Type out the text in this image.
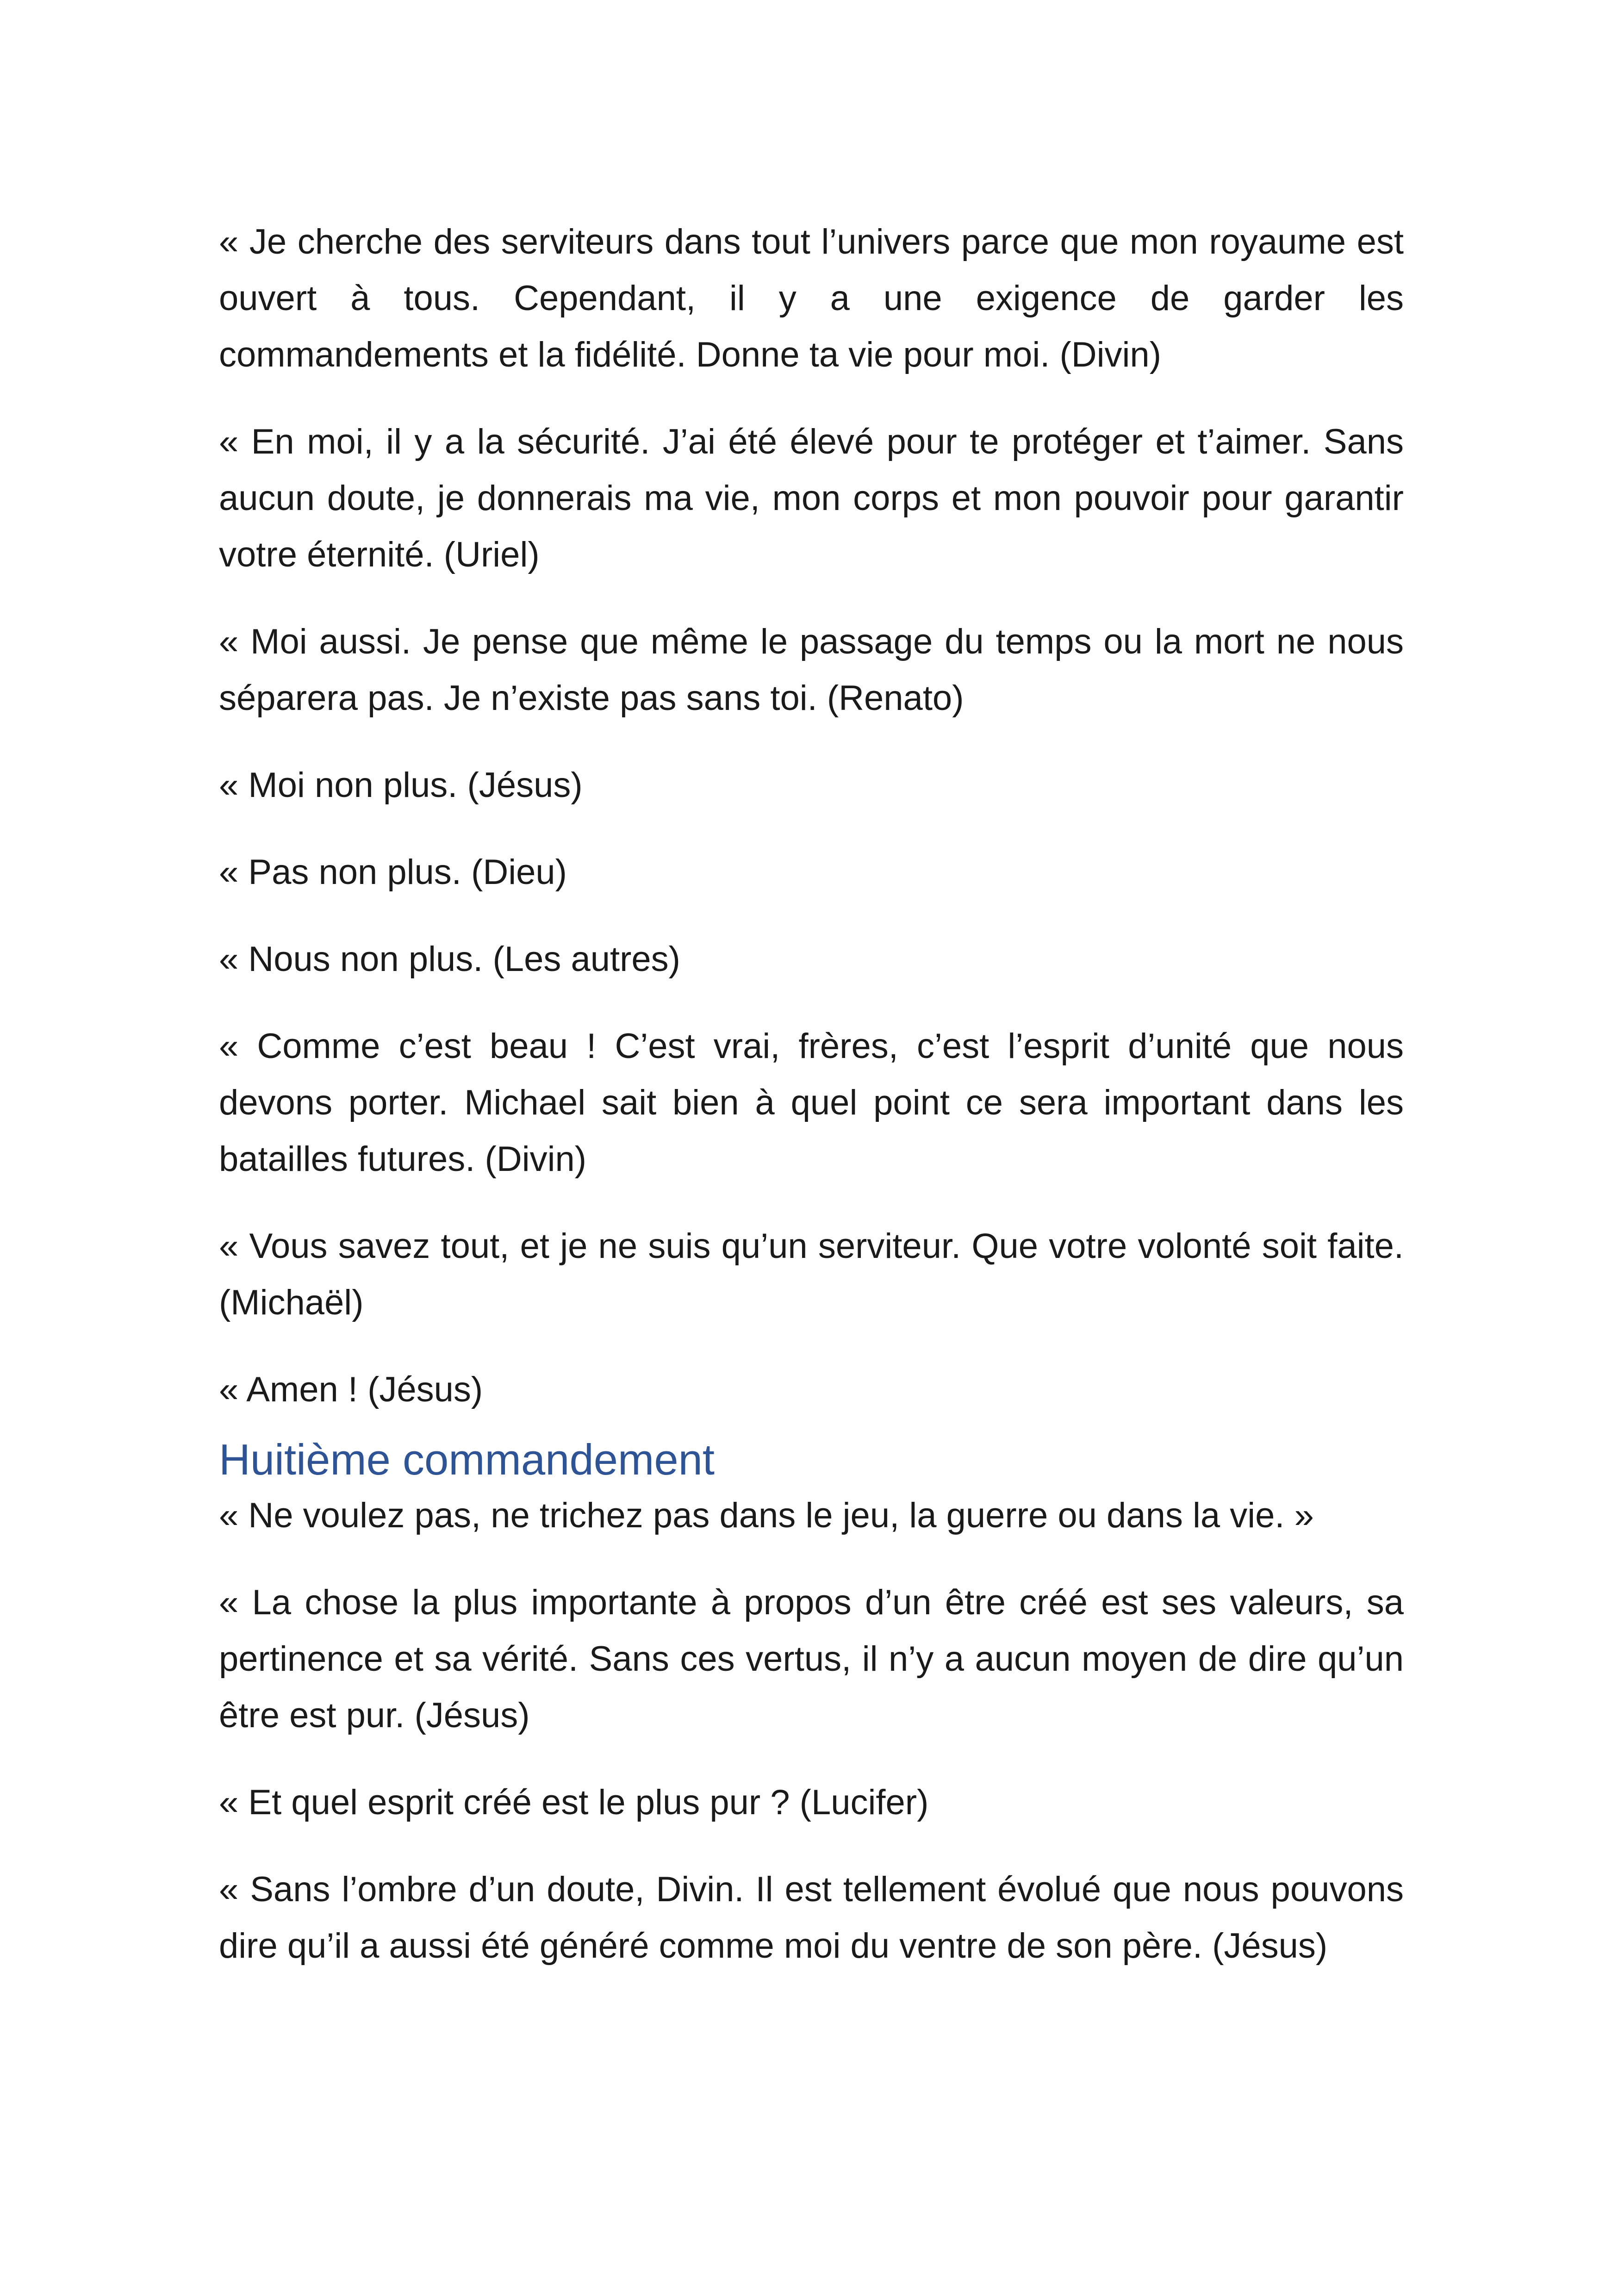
« Je cherche des serviteurs dans tout l’univers parce que mon royaume est ouvert à tous. Cependant, il y a une exigence de garder les commandements et la fidélité. Donne ta vie pour moi. (Divin)

« En moi, il y a la sécurité. J’ai été élevé pour te protéger et t’aimer. Sans aucun doute, je donnerais ma vie, mon corps et mon pouvoir pour garantir votre éternité. (Uriel)

« Moi aussi. Je pense que même le passage du temps ou la mort ne nous séparera pas. Je n’existe pas sans toi. (Renato)

« Moi non plus. (Jésus)

« Pas non plus. (Dieu)

« Nous non plus. (Les autres)

« Comme c’est beau ! C’est vrai, frères, c’est l’esprit d’unité que nous devons porter. Michael sait bien à quel point ce sera important dans les batailles futures. (Divin)

« Vous savez tout, et je ne suis qu’un serviteur. Que votre volonté soit faite. (Michaël)

« Amen ! (Jésus)

Huitième commandement

« Ne voulez pas, ne trichez pas dans le jeu, la guerre ou dans la vie. »

« La chose la plus importante à propos d’un être créé est ses valeurs, sa pertinence et sa vérité. Sans ces vertus, il n’y a aucun moyen de dire qu’un être est pur. (Jésus)

« Et quel esprit créé est le plus pur ? (Lucifer)

« Sans l’ombre d’un doute, Divin. Il est tellement évolué que nous pouvons dire qu’il a aussi été généré comme moi du ventre de son père. (Jésus)
